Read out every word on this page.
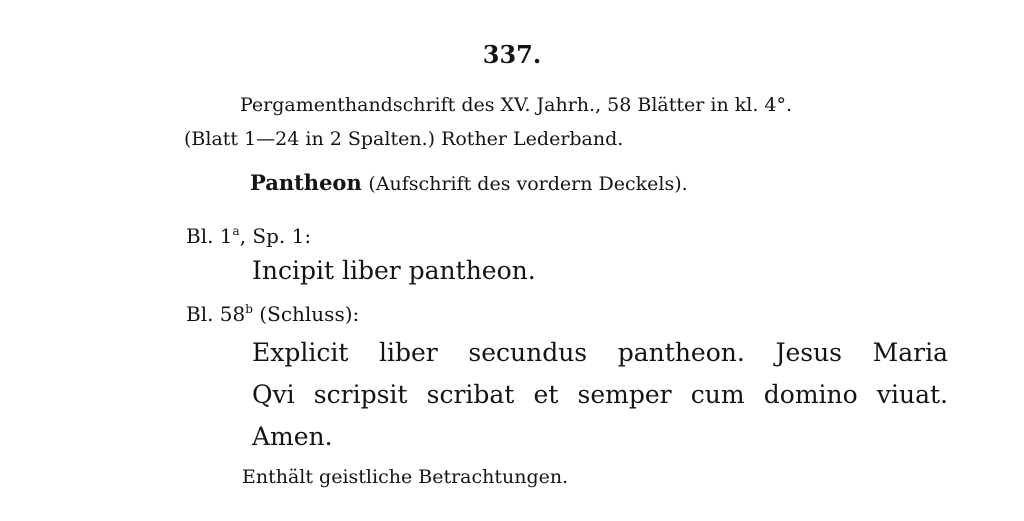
337.
Pergamenthandschrift des XV. Jahrh., 58 Blätter in kl. 4°.
(Blatt 1—24 in 2 Spalten.) Rother Lederband.
Pantheon (Aufschrift des vordern Deckels).
Bl. 1$^a$, Sp. 1:
Incipit liber pantheon.
Bl. 58$^b$ (Schluss):
Explicit liber secundus pantheon. Jesus Maria
Qvi scripsit scribat et semper cum domino viuat.
Amen.
Enthält geistliche Betrachtungen.
